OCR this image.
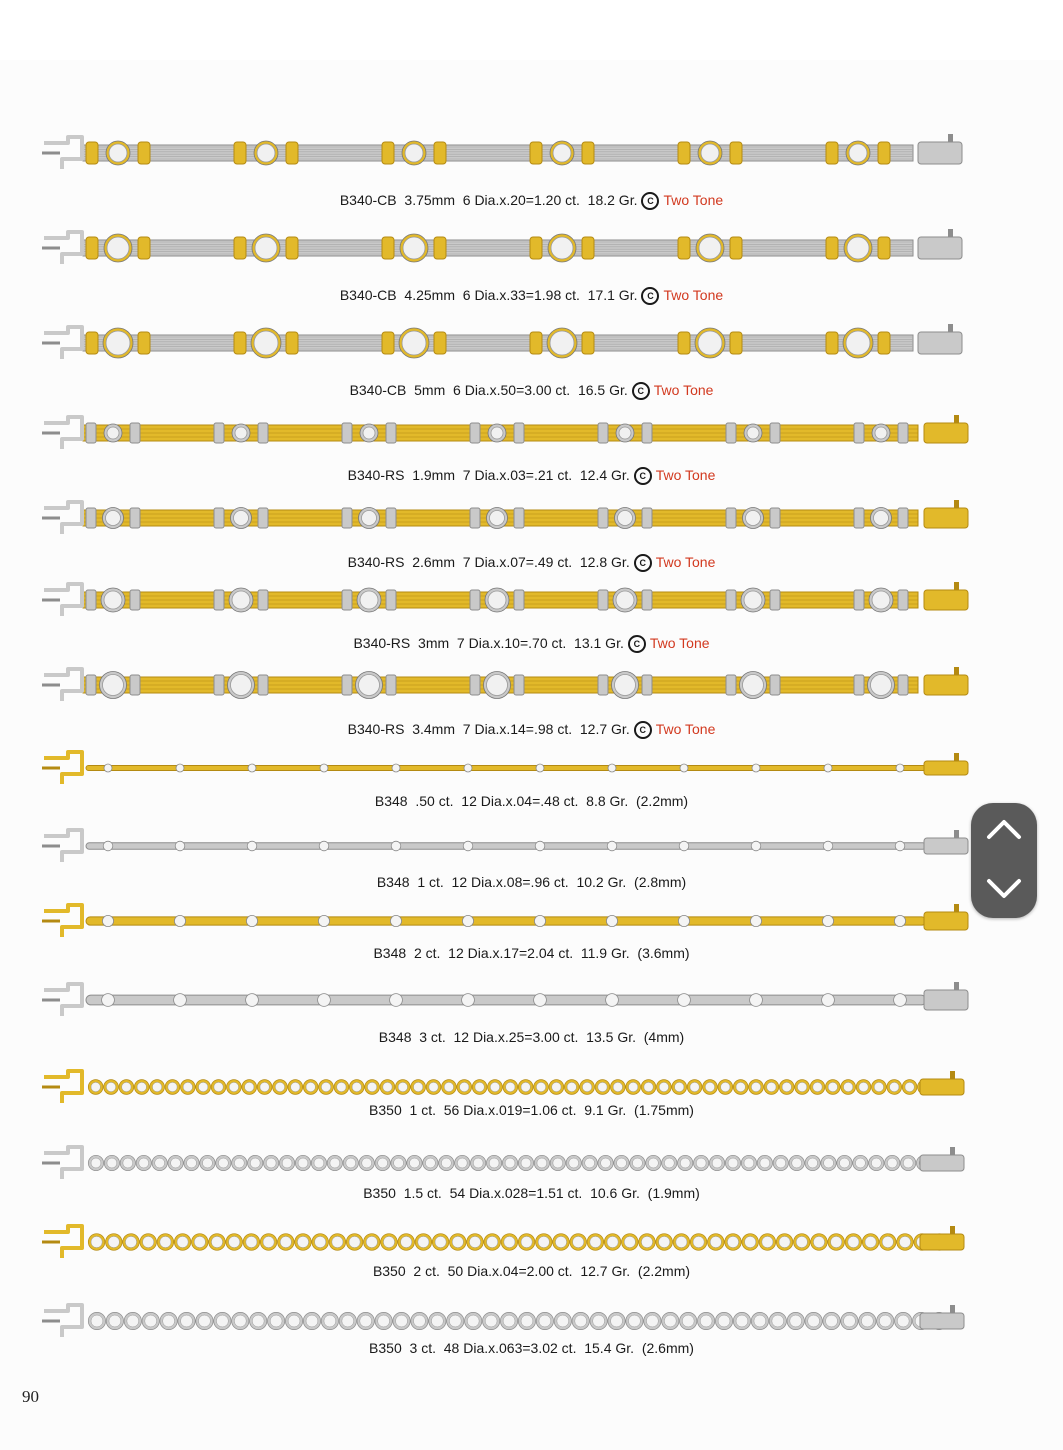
B340-CB  3.75mm  6 Dia.x.20=1.20 ct.  18.2 Gr. C Two Tone
B340-CB  4.25mm  6 Dia.x.33=1.98 ct.  17.1 Gr. C Two Tone
B340-CB  5mm  6 Dia.x.50=3.00 ct.  16.5 Gr. C Two Tone
B340-RS  1.9mm  7 Dia.x.03=.21 ct.  12.4 Gr. C Two Tone
B340-RS  2.6mm  7 Dia.x.07=.49 ct.  12.8 Gr. C Two Tone
B340-RS  3mm  7 Dia.x.10=.70 ct.  13.1 Gr. C Two Tone
B340-RS  3.4mm  7 Dia.x.14=.98 ct.  12.7 Gr. C Two Tone
B348  .50 ct.  12 Dia.x.04=.48 ct.  8.8 Gr.  (2.2mm)
B348  1 ct.  12 Dia.x.08=.96 ct.  10.2 Gr.  (2.8mm)
B348  2 ct.  12 Dia.x.17=2.04 ct.  11.9 Gr.  (3.6mm)
B348  3 ct.  12 Dia.x.25=3.00 ct.  13.5 Gr.  (4mm)
B350  1 ct.  56 Dia.x.019=1.06 ct.  9.1 Gr.  (1.75mm)
B350  1.5 ct.  54 Dia.x.028=1.51 ct.  10.6 Gr.  (1.9mm)
B350  2 ct.  50 Dia.x.04=2.00 ct.  12.7 Gr.  (2.2mm)
B350  3 ct.  48 Dia.x.063=3.02 ct.  15.4 Gr.  (2.6mm)
90
